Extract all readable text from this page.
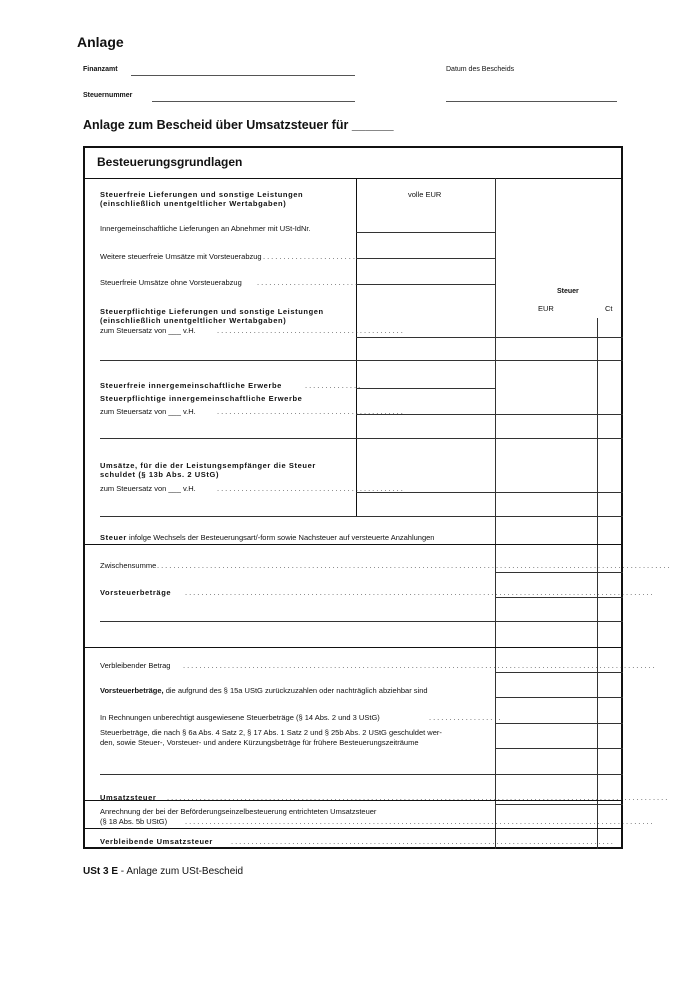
Anlage
Finanzamt	Datum des Bescheids
Steuernummer
Anlage zum Bescheid über Umsatzsteuer für ______
Besteuerungsgrundlagen
volle EUR
Steuer
EUR	Ct
Steuerfreie Lieferungen und sonstige Leistungen
(einschließlich unentgeltlicher Wertabgaben)
Innergemeinschaftliche Lieferungen an Abnehmer mit USt-IdNr.
Weitere steuerfreie Umsätze mit Vorsteuerabzug .............................
Steuerfreie Umsätze ohne Vorsteuerabzug ................................
Steuerpflichtige Lieferungen und sonstige Leistungen
(einschließlich unentgeltlicher Wertabgaben)
zum Steuersatz von ___ v.H.	..............................................
Steuerfreie innergemeinschaftliche Erwerbe	..............
Steuerpflichtige innergemeinschaftliche Erwerbe
zum Steuersatz von ___ v.H.	..............................................
Umsätze, für die der Leistungsempfänger die Steuer
schuldet (§ 13b Abs. 2 UStG)
zum Steuersatz von ___ v.H.	..............................................
Steuer infolge Wechsels der Besteuerungsart/-form sowie Nachsteuer auf versteuerte Anzahlungen
Zwischensumme ..............................................................................................................................
Vorsteuerbeträge ...................................................................................................................
Verbleibender Betrag ....................................................................................................................
Vorsteuerbeträge, die aufgrund des § 15a UStG zurückzuzahlen oder nachträglich abziehbar sind
In Rechnungen unberechtigt ausgewiesene Steuerbeträge (§ 14 Abs. 2 und 3 UStG)	..................
Steuerbeträge, die nach § 6a Abs. 4 Satz 2, § 17 Abs. 1 Satz 2 und § 25b Abs. 2 UStG geschuldet wer-
den, sowie Steuer-, Vorsteuer- und andere Kürzungsbeträge für frühere Besteuerungszeiträume
Umsatzsteuer ...........................................................................................................................
Anrechnung der bei der Beförderungseinzelbesteuerung entrichteten Umsatzsteuer
(§ 18 Abs. 5b UStG) ...................................................................................................................
Verbleibende Umsatzsteuer ..............................................................................................
USt 3 E - Anlage zum USt-Bescheid
